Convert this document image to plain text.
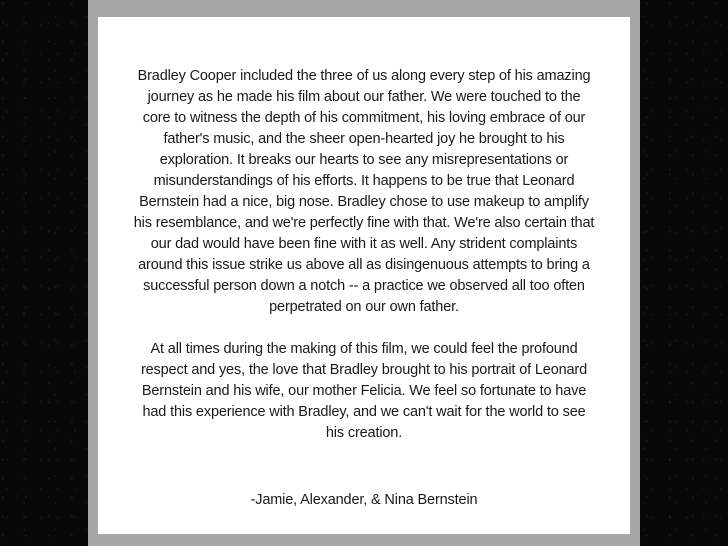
Bradley Cooper included the three of us along every step of his amazing journey as he made his film about our father. We were touched to the core to witness the depth of his commitment, his loving embrace of our father's music, and the sheer open-hearted joy he brought to his exploration. It breaks our hearts to see any misrepresentations or misunderstandings of his efforts. It happens to be true that Leonard Bernstein had a nice, big nose. Bradley chose to use makeup to amplify his resemblance, and we're perfectly fine with that. We're also certain that our dad would have been fine with it as well. Any strident complaints around this issue strike us above all as disingenuous attempts to bring a successful person down a notch -- a practice we observed all too often perpetrated on our own father.

At all times during the making of this film, we could feel the profound respect and yes, the love that Bradley brought to his portrait of Leonard Bernstein and his wife, our mother Felicia. We feel so fortunate to have had this experience with Bradley, and we can't wait for the world to see his creation.

-Jamie, Alexander, & Nina Bernstein
